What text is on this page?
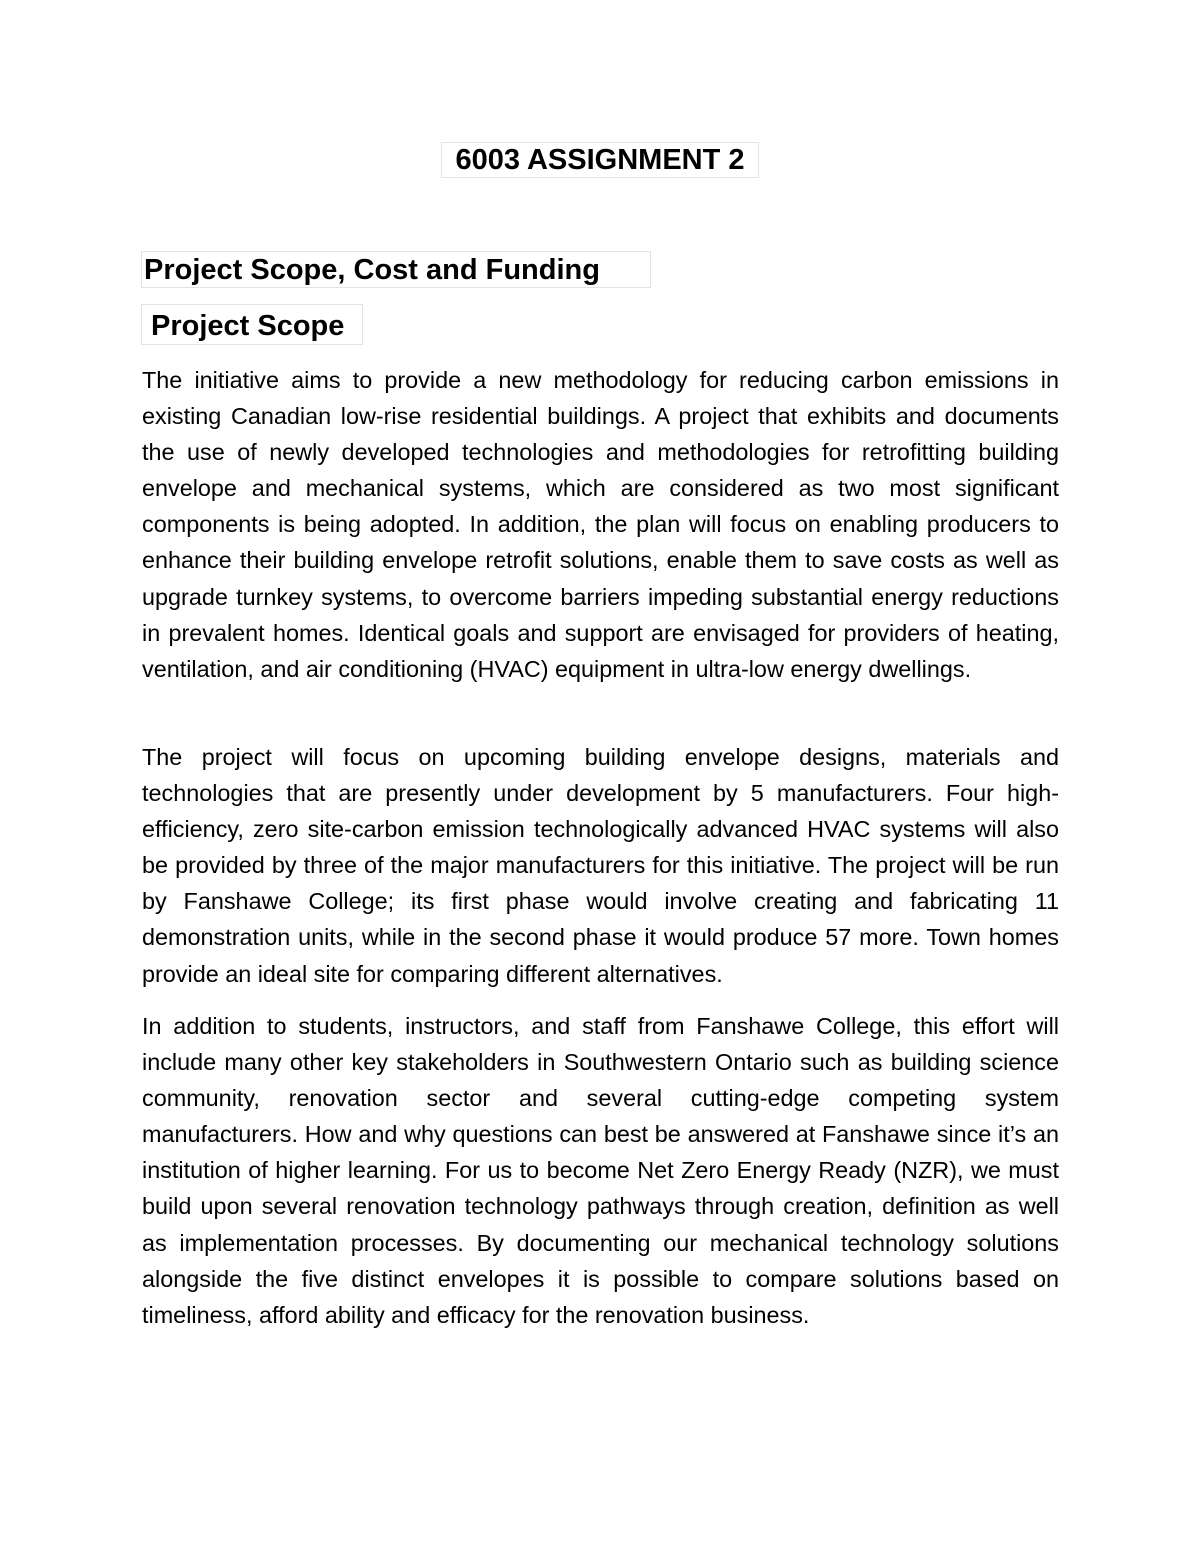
6003 ASSIGNMENT 2
Project Scope, Cost and Funding
Project Scope

The initiative aims to provide a new methodology for reducing carbon emissions in existing Canadian low-rise residential buildings. A project that exhibits and documents the use of newly developed technologies and methodologies for retrofitting building envelope and mechanical systems, which are considered as two most significant components is being adopted. In addition, the plan will focus on enabling producers to enhance their building envelope retrofit solutions, enable them to save costs as well as upgrade turnkey systems, to overcome barriers impeding substantial energy reductions in prevalent homes. Identical goals and support are envisaged for providers of heating, ventilation, and air conditioning (HVAC) equipment in ultra-low energy dwellings.

The project will focus on upcoming building envelope designs, materials and technologies that are presently under development by 5 manufacturers. Four high-efficiency, zero site-carbon emission technologically advanced HVAC systems will also be provided by three of the major manufacturers for this initiative. The project will be run by Fanshawe College; its first phase would involve creating and fabricating 11 demonstration units, while in the second phase it would produce 57 more. Town homes provide an ideal site for comparing different alternatives.

In addition to students, instructors, and staff from Fanshawe College, this effort will include many other key stakeholders in Southwestern Ontario such as building science community, renovation sector and several cutting-edge competing system manufacturers. How and why questions can best be answered at Fanshawe since it’s an institution of higher learning. For us to become Net Zero Energy Ready (NZR), we must build upon several renovation technology pathways through creation, definition as well as implementation processes. By documenting our mechanical technology solutions alongside the five distinct envelopes it is possible to compare solutions based on timeliness, afford ability and efficacy for the renovation business.
